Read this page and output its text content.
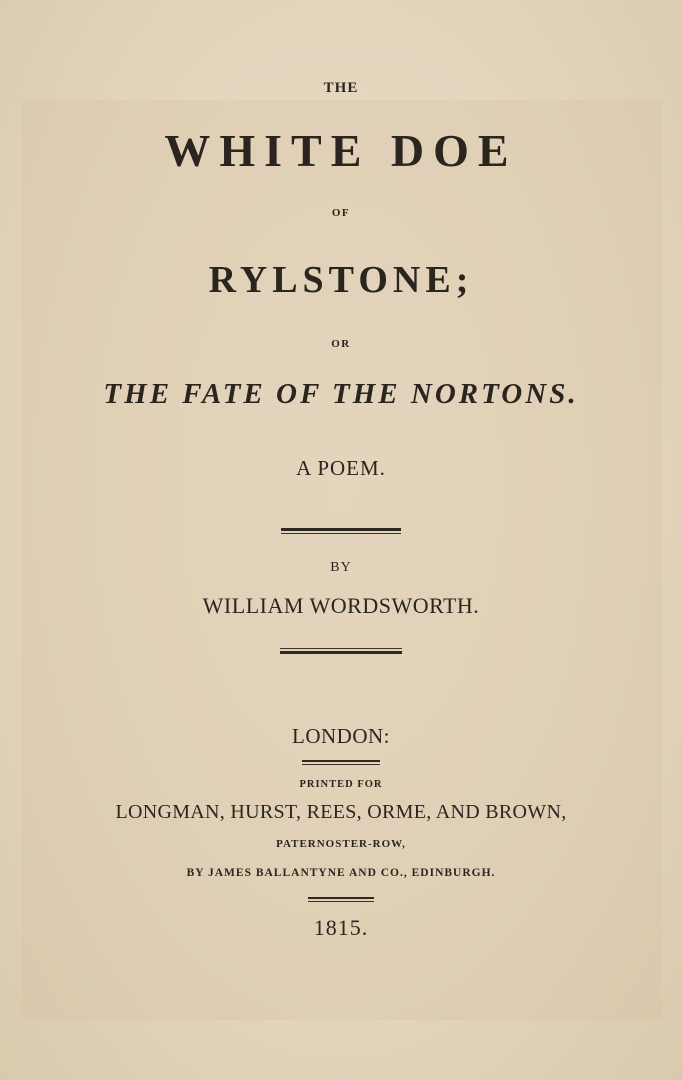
THE

WHITE DOE

OF

RYLSTONE;

OR

THE FATE OF THE NORTONS.

A POEM.

BY

WILLIAM WORDSWORTH.

LONDON:

PRINTED FOR

LONGMAN, HURST, REES, ORME, AND BROWN,

PATERNOSTER-ROW,

BY JAMES BALLANTYNE AND CO., EDINBURGH.

1815.
